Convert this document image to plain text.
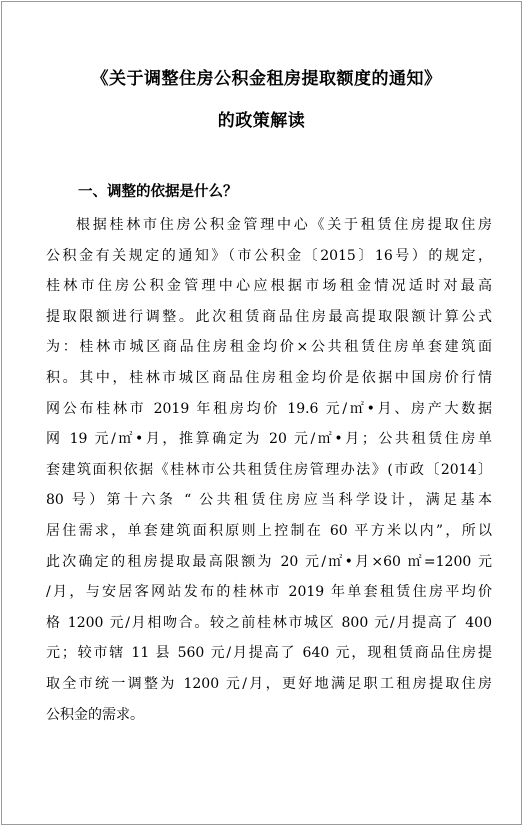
《关于调整住房公积金租房提取额度的通知》
的政策解读
一、调整的依据是什么？
根据桂林市住房公积金管理中心《关于租赁住房提取住房
公积金有关规定的通知》（市公积金〔2015〕16号）的规定，
桂林市住房公积金管理中心应根据市场租金情况适时对最高
提取限额进行调整。此次租赁商品住房最高提取限额计算公式
为：桂林市城区商品住房租金均价×公共租赁住房单套建筑面
积。其中，桂林市城区商品住房租金均价是依据中国房价行情
网公布桂林市 2019 年租房均价 19.6 元/㎡•月、房产大数据
网 19 元/㎡•月，推算确定为 20 元/㎡•月；公共租赁住房单
套建筑面积依据《桂林市公共租赁住房管理办法》(市政〔2014〕
80 号）第十六条 “ 公共租赁住房应当科学设计，满足基本
居住需求，单套建筑面积原则上控制在 60 平方米以内”，所以
此次确定的租房提取最高限额为 20 元/㎡•月×60 ㎡=1200 元
/月，与安居客网站发布的桂林市 2019 年单套租赁住房平均价
格 1200 元/月相吻合。较之前桂林市城区 800 元/月提高了 400
元；较市辖 11 县 560 元/月提高了 640 元，现租赁商品住房提
取全市统一调整为 1200 元/月，更好地满足职工租房提取住房
公积金的需求。
